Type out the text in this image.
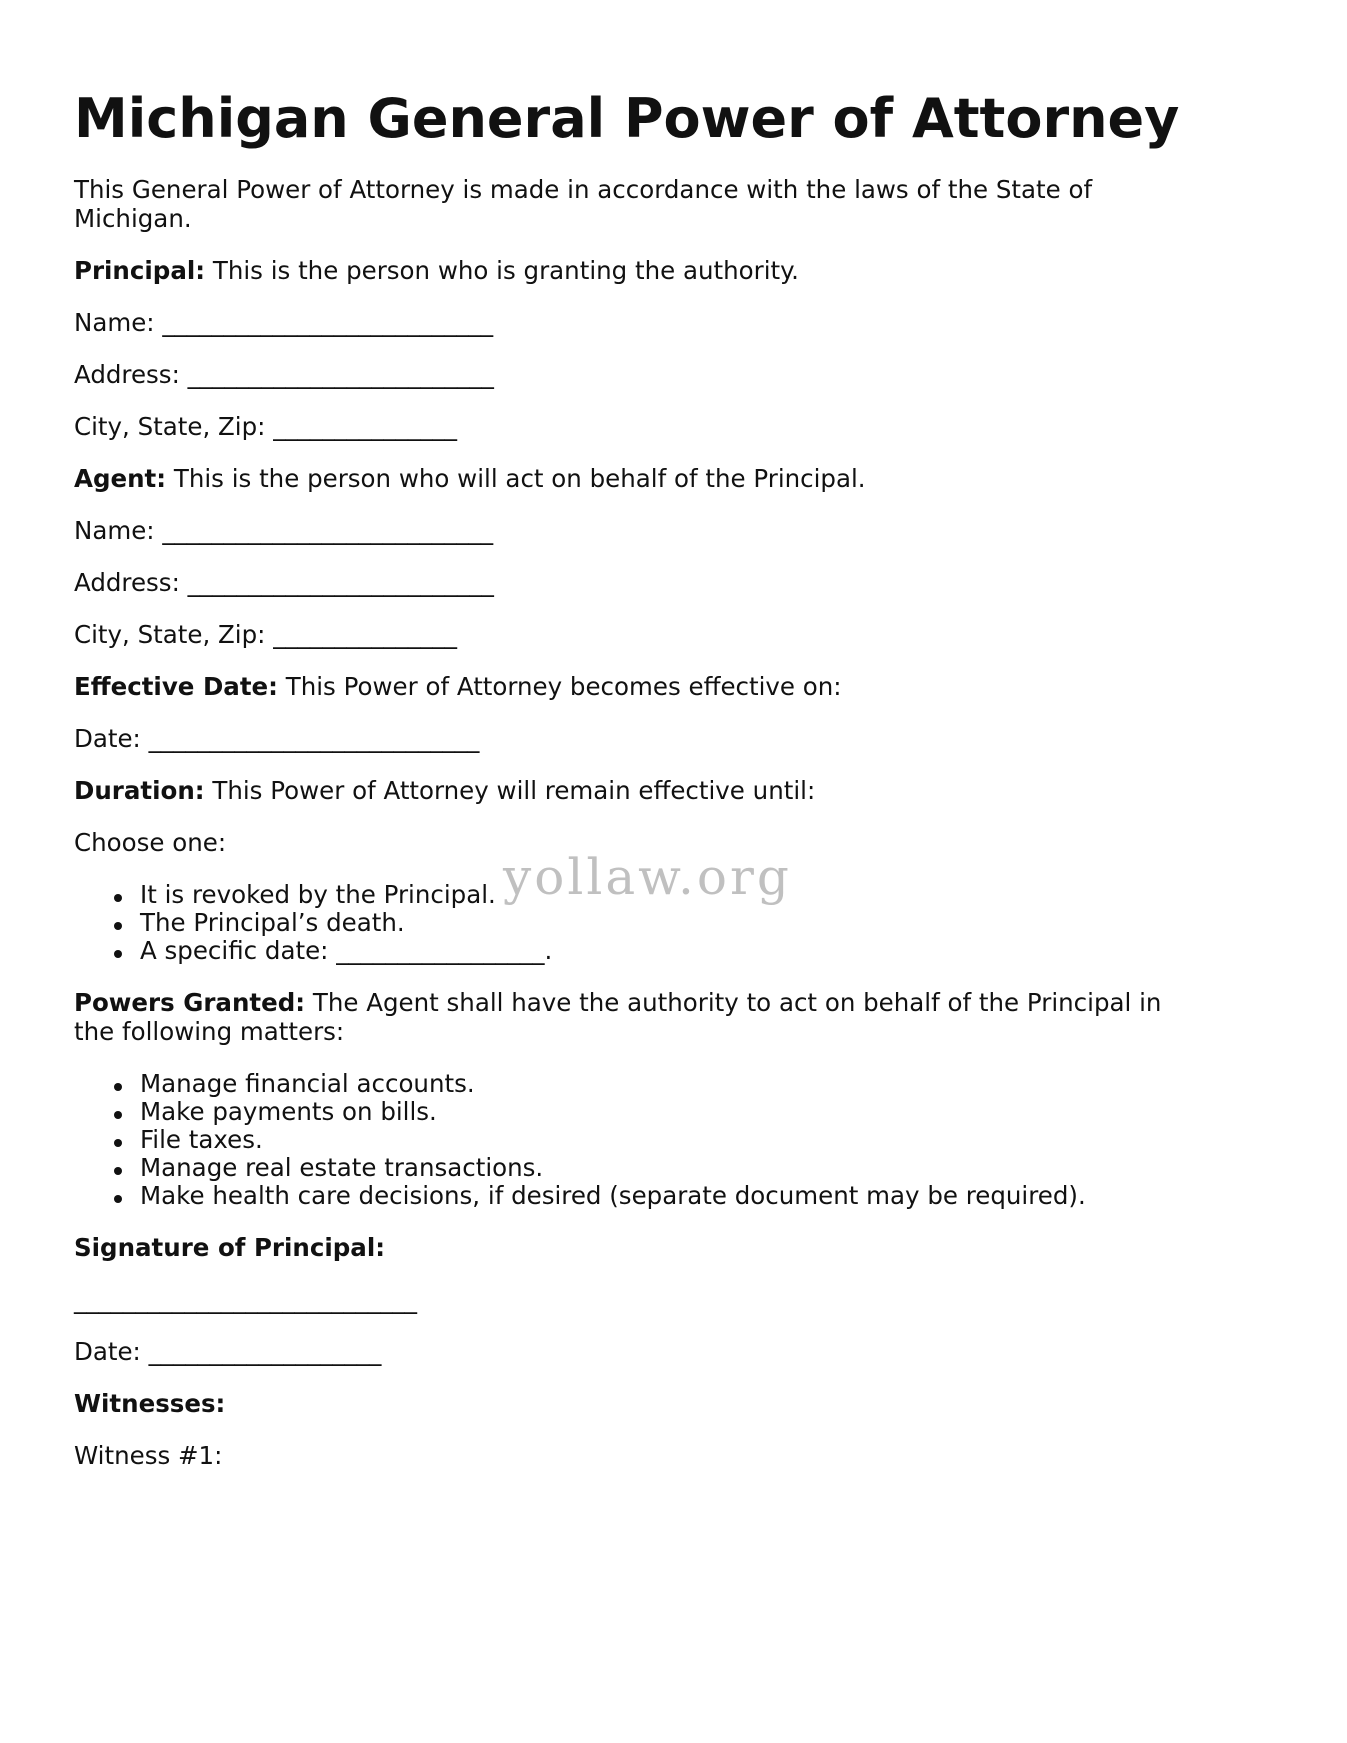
Michigan General Power of Attorney

This General Power of Attorney is made in accordance with the laws of the State of

Michigan.

Principal: This is the person who is granting the authority.

Name: ___________________________

Address: _________________________

City, State, Zip: _______________

Agent: This is the person who will act on behalf of the Principal.

Name: ___________________________

Address: _________________________

City, State, Zip: _______________

Effective Date: This Power of Attorney becomes effective on:

Date: ___________________________

Duration: This Power of Attorney will remain effective until:

Choose one:

It is revoked by the Principal.

The Principal’s death.

A specific date: _________________.

Powers Granted: The Agent shall have the authority to act on behalf of the Principal in

the following matters:

Manage financial accounts.

Make payments on bills.

File taxes.

Manage real estate transactions.

Make health care decisions, if desired (separate document may be required).

Signature of Principal:

____________________________

Date: ___________________

Witnesses:

Witness #1:

yollaw.org
